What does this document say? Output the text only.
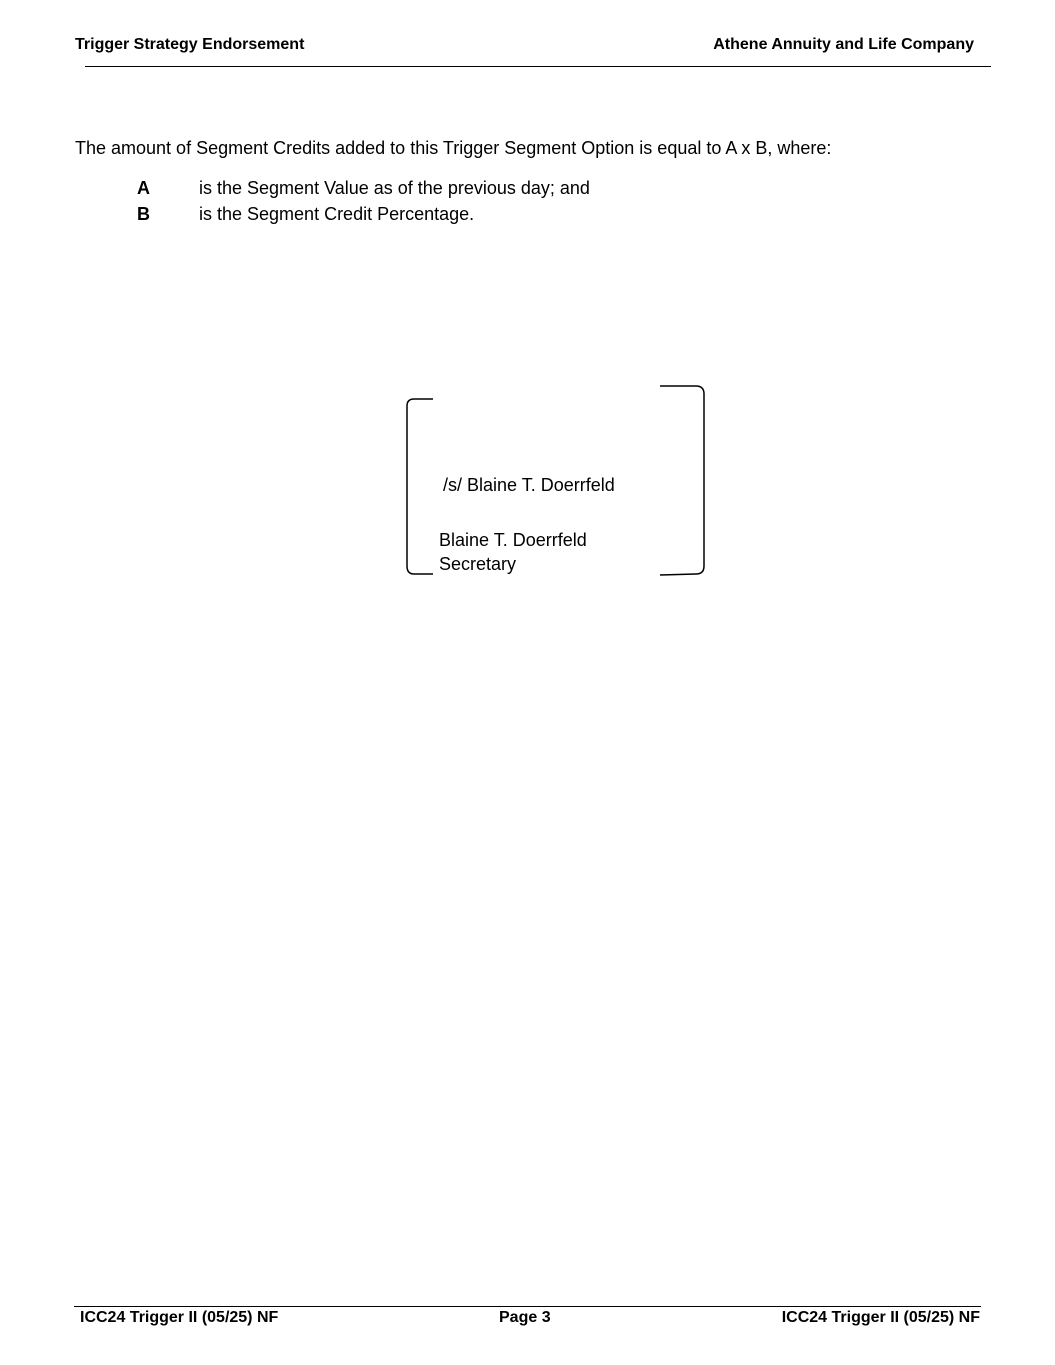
Trigger Strategy Endorsement	Athene Annuity and Life Company
The amount of Segment Credits added to this Trigger Segment Option is equal to A x B, where:
A	is the Segment Value as of the previous day; and
B	is the Segment Credit Percentage.
/s/ Blaine T. Doerrfeld
Blaine T. Doerrfeld
Secretary
ICC24 Trigger II (05/25) NF	Page 3	ICC24 Trigger II (05/25) NF
